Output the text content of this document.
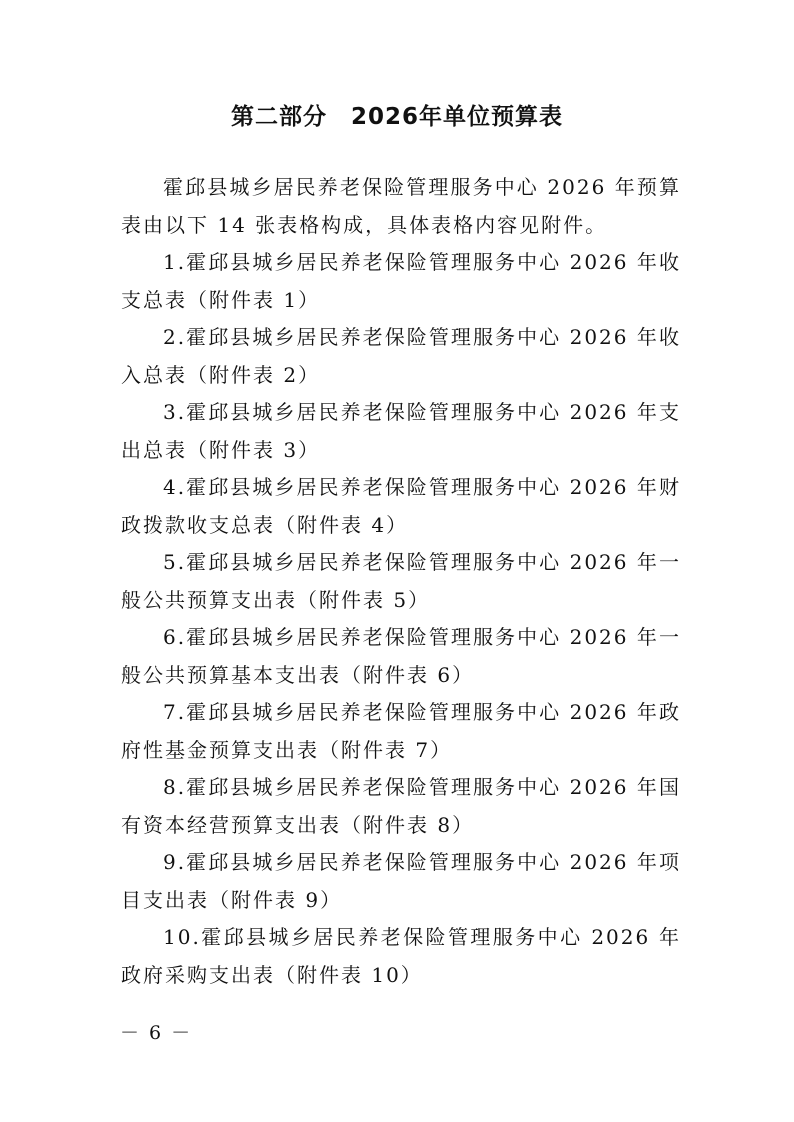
第二部分　2026年单位预算表

霍邱县城乡居民养老保险管理服务中心 2026 年预算表由以下 14 张表格构成，具体表格内容见附件。

1.霍邱县城乡居民养老保险管理服务中心 2026 年收支总表（附件表 1）

2.霍邱县城乡居民养老保险管理服务中心 2026 年收入总表（附件表 2）

3.霍邱县城乡居民养老保险管理服务中心 2026 年支出总表（附件表 3）

4.霍邱县城乡居民养老保险管理服务中心 2026 年财政拨款收支总表（附件表 4）

5.霍邱县城乡居民养老保险管理服务中心 2026 年一般公共预算支出表（附件表 5）

6.霍邱县城乡居民养老保险管理服务中心 2026 年一般公共预算基本支出表（附件表 6）

7.霍邱县城乡居民养老保险管理服务中心 2026 年政府性基金预算支出表（附件表 7）

8.霍邱县城乡居民养老保险管理服务中心 2026 年国有资本经营预算支出表（附件表 8）

9.霍邱县城乡居民养老保险管理服务中心 2026 年项目支出表（附件表 9）

10.霍邱县城乡居民养老保险管理服务中心 2026 年政府采购支出表（附件表 10）

－ 6 －
